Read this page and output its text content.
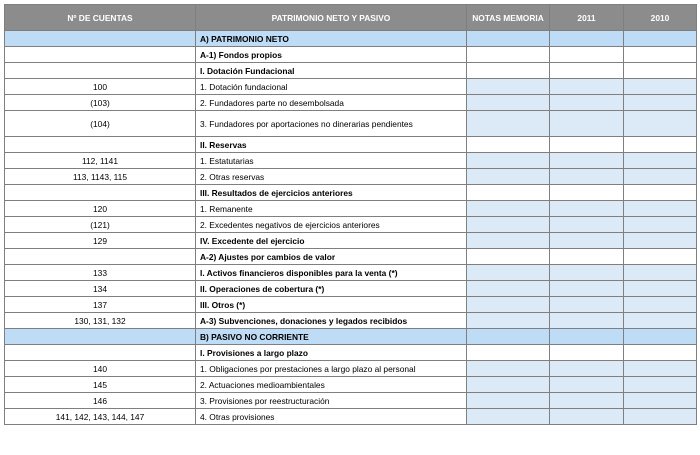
Nº DE CUENTAS	PATRIMONIO NETO Y PASIVO	NOTAS MEMORIA	2011	2010
	A) PATRIMONIO NETO			
	A-1) Fondos propios			
	I. Dotación Fundacional			
100	1. Dotación fundacional			
(103)	2. Fundadores parte no desembolsada			
(104)	3. Fundadores por aportaciones no dinerarias pendientes			
	II. Reservas			
112, 1141	1. Estatutarias			
113, 1143, 115	2. Otras reservas			
	III. Resultados de ejercicios anteriores			
120	1. Remanente			
(121)	2. Excedentes negativos de ejercicios anteriores			
129	IV. Excedente del ejercicio			
	A-2) Ajustes por cambios de valor			
133	I. Activos financieros disponibles para la venta (*)			
134	II. Operaciones de cobertura (*)			
137	III. Otros (*)			
130, 131, 132	A-3) Subvenciones, donaciones y legados recibidos			
	B) PASIVO NO CORRIENTE			
	I. Provisiones a largo plazo			
140	1. Obligaciones por prestaciones a largo plazo al personal			
145	2. Actuaciones medioambientales			
146	3. Provisiones por reestructuración			
141, 142, 143, 144, 147	4. Otras provisiones			
